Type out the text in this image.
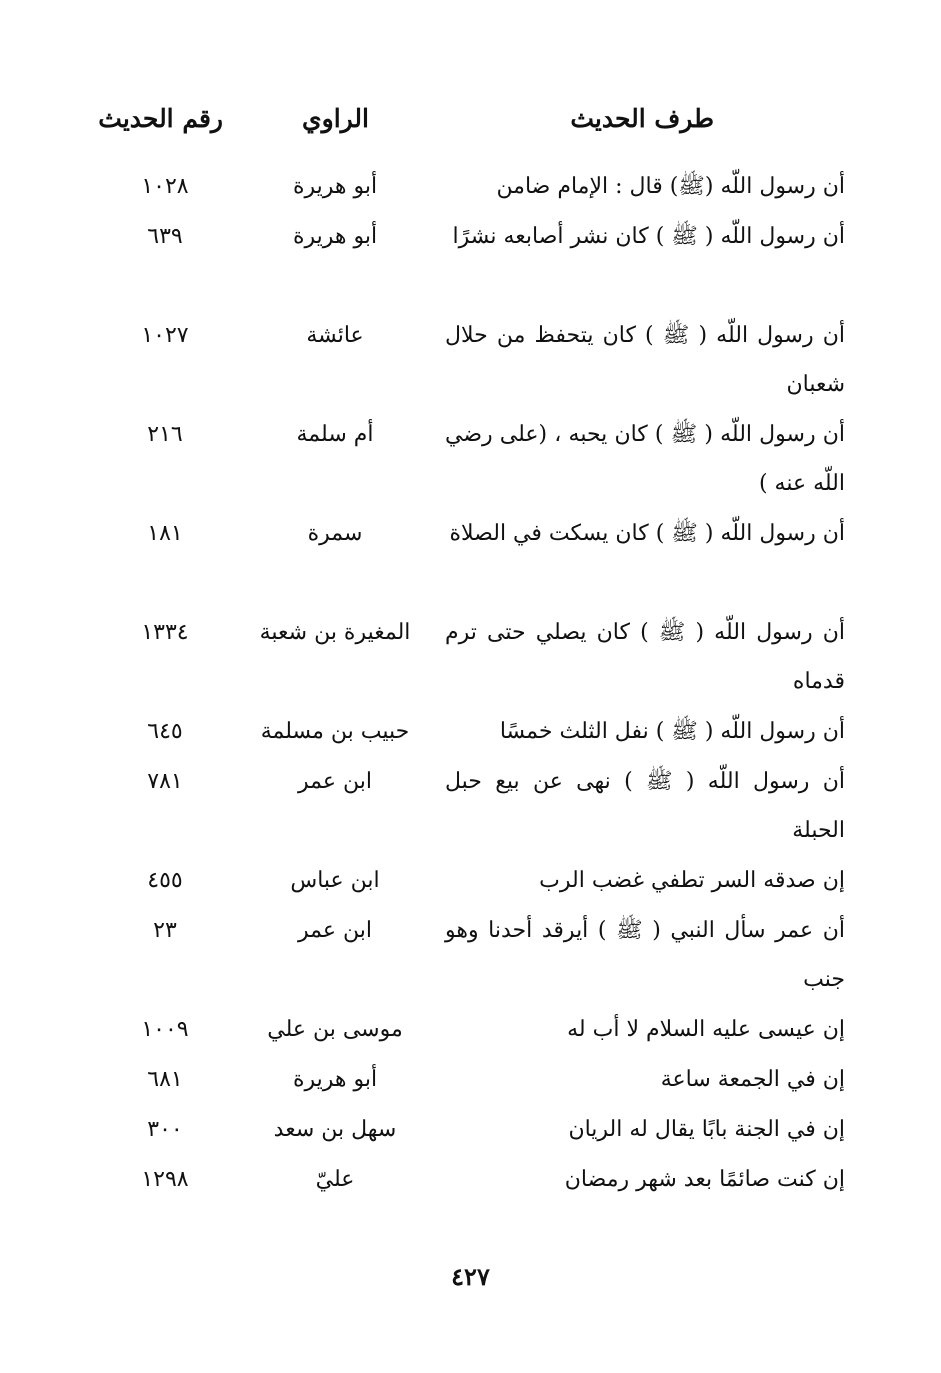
طرف الحديث
الراوي
رقم الحديث
أن رسول اللّه (ﷺ) قال : الإمام ضامن
أبو هريرة
١٠٢٨
أن رسول اللّه ( ﷺ ) كان نشر أصابعه نشرًا
أبو هريرة
٦٣٩
أن رسول اللّه ( ﷺ ) كان يتحفظ من حلال شعبان
عائشة
١٠٢٧
أن رسول اللّه ( ﷺ ) كان يحبه ، (على رضي اللّه عنه )
أم سلمة
٢١٦
أن رسول اللّه ( ﷺ ) كان يسكت في الصلاة
سمرة
١٨١
أن رسول اللّه ( ﷺ ) كان يصلي حتى ترم قدماه
المغيرة بن شعبة
١٣٣٤
أن رسول اللّه ( ﷺ ) نفل الثلث خمسًا
حبيب بن مسلمة
٦٤٥
أن رسول اللّه ( ﷺ ) نهى عن بيع حبل الحبلة
ابن عمر
٧٨١
إن صدقه السر تطفي غضب الرب
ابن عباس
٤٥٥
أن عمر سأل النبي ( ﷺ ) أيرقد أحدنا وهو جنب
ابن عمر
٢٣
إن عيسى عليه السلام لا أب له
موسى بن علي
١٠٠٩
إن في الجمعة ساعة
أبو هريرة
٦٨١
إن في الجنة بابًا يقال له الريان
سهل بن سعد
٣٠٠
إن كنت صائمًا بعد شهر رمضان
عليّ
١٢٩٨
٤٢٧
